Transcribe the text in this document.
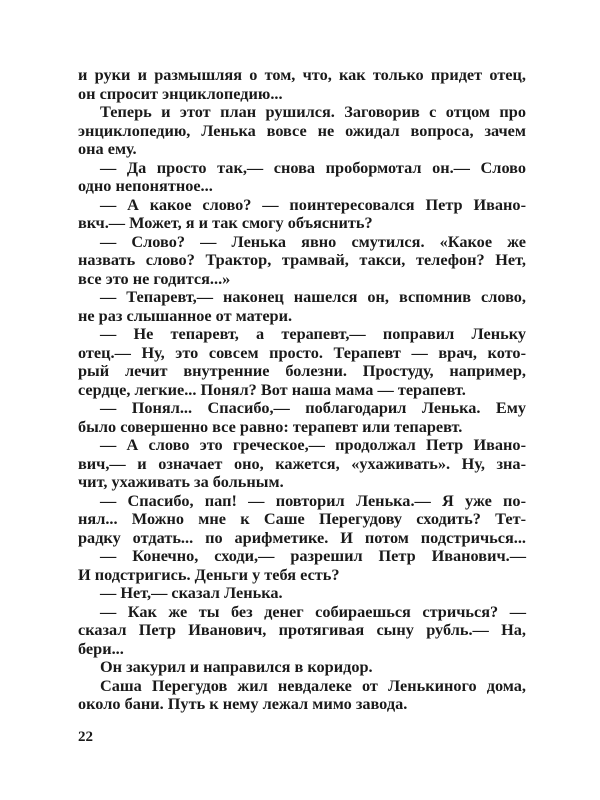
и руки и размышляя о том, что, как только придет отец,
он спросит энциклопедию...
Теперь и этот план рушился. Заговорив с отцом про
энциклопедию, Ленька вовсе не ожидал вопроса, зачем
она ему.
— Да просто так,— снова пробормотал он.— Слово
одно непонятное...
— А какое слово? — поинтересовался Петр Ивано-
вкч.— Может, я и так смогу объяснить?
— Слово? — Ленька явно смутился. «Какое же
назвать слово? Трактор, трамвай, такси, телефон? Нет,
все это не годится...»
— Тепаревт,— наконец нашелся он, вспомнив слово,
не раз слышанное от матери.
— Не тепаревт, а терапевт,— поправил Леньку
отец.— Ну, это совсем просто. Терапевт — врач, кото-
рый лечит внутренние болезни. Простуду, например,
сердце, легкие... Понял? Вот наша мама — терапевт.
— Понял... Спасибо,— поблагодарил Ленька. Ему
было совершенно все равно: терапевт или тепаревт.
— А слово это греческое,— продолжал Петр Ивано-
вич,— и означает оно, кажется, «ухаживать». Ну, зна-
чит, ухаживать за больным.
— Спасибо, пап! — повторил Ленька.— Я уже по-
нял... Можно мне к Саше Перегудову сходить? Тет-
радку отдать... по арифметике. И потом подстричься...
— Конечно, сходи,— разрешил Петр Иванович.—
И подстригись. Деньги у тебя есть?
— Нет,— сказал Ленька.
— Как же ты без денег собираешься стричься? —
сказал Петр Иванович, протягивая сыну рубль.— На,
бери...
Он закурил и направился в коридор.
Саша Перегудов жил невдалеке от Ленькиного дома,
около бани. Путь к нему лежал мимо завода.
22
